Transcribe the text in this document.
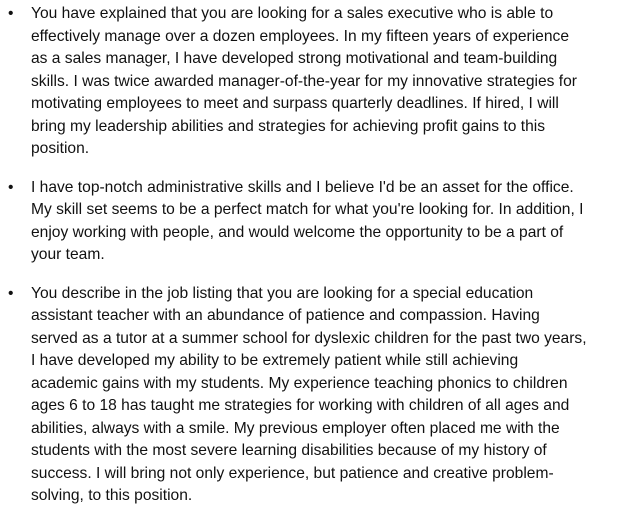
• You have explained that you are looking for a sales executive who is able to
effectively manage over a dozen employees. In my fifteen years of experience
as a sales manager, I have developed strong motivational and team-building
skills. I was twice awarded manager-of-the-year for my innovative strategies for
motivating employees to meet and surpass quarterly deadlines. If hired, I will
bring my leadership abilities and strategies for achieving profit gains to this
position.
• I have top-notch administrative skills and I believe I'd be an asset for the office.
My skill set seems to be a perfect match for what you're looking for. In addition, I
enjoy working with people, and would welcome the opportunity to be a part of
your team.
• You describe in the job listing that you are looking for a special education
assistant teacher with an abundance of patience and compassion. Having
served as a tutor at a summer school for dyslexic children for the past two years,
I have developed my ability to be extremely patient while still achieving
academic gains with my students. My experience teaching phonics to children
ages 6 to 18 has taught me strategies for working with children of all ages and
abilities, always with a smile. My previous employer often placed me with the
students with the most severe learning disabilities because of my history of
success. I will bring not only experience, but patience and creative problem-
solving, to this position.
